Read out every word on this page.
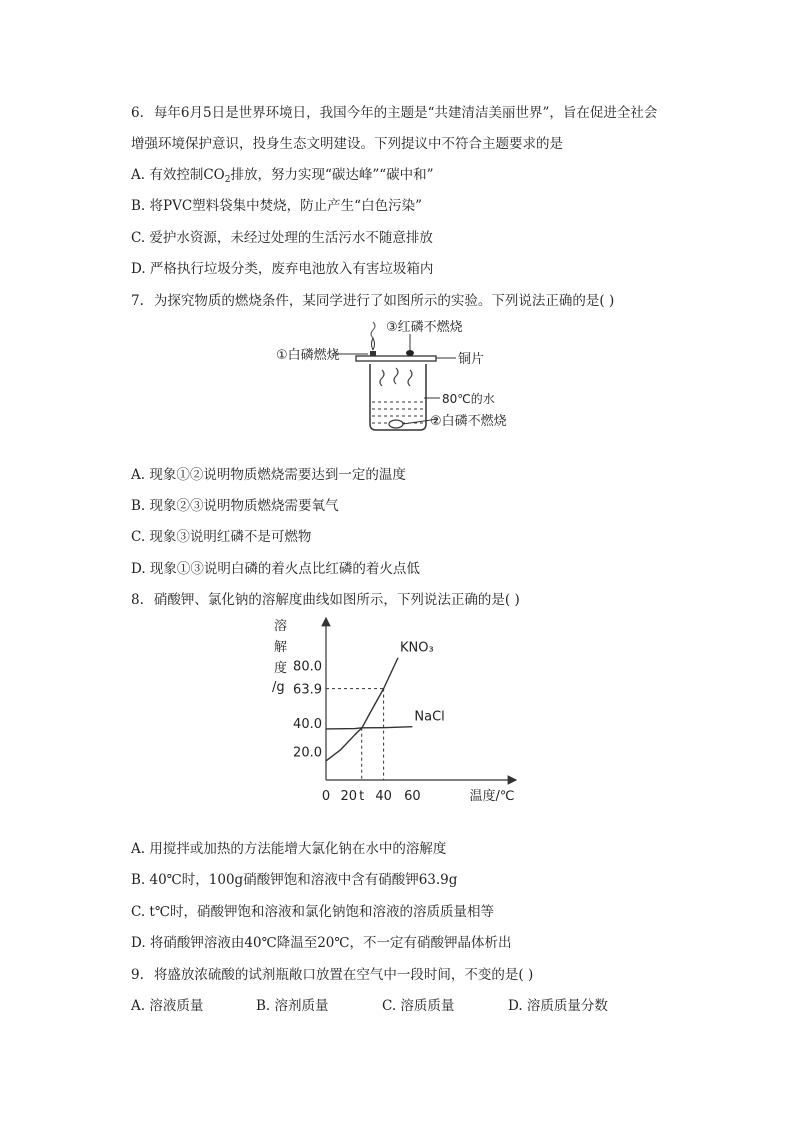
6. 每年6月5日是世界环境日，我国今年的主题是“共建清洁美丽世界”，旨在促进全社会
增强环境保护意识，投身生态文明建设。下列提议中不符合主题要求的是
A. 有效控制$CO_2$排放，努力实现“碳达峰”“碳中和”
B. 将PVC塑料袋集中焚烧，防止产生“白色污染”
C. 爱护水资源，未经过处理的生活污水不随意排放
D. 严格执行垃圾分类，废弃电池放入有害垃圾箱内
7. 为探究物质的燃烧条件，某同学进行了如图所示的实验。下列说法正确的是( )
①白磷燃烧
③红磷不燃烧
铜片
80℃的水
②白磷不燃烧
A. 现象①②说明物质燃烧需要达到一定的温度
B. 现象②③说明物质燃烧需要氧气
C. 现象③说明红磷不是可燃物
D. 现象①③说明白磷的着火点比红磷的着火点低
8. 硝酸钾、氯化钠的溶解度曲线如图所示，下列说法正确的是( )
溶
解
度
/g
0 20 t 40 60	温度/℃
20.0
40.0
63.9
80.0
KNO₃
NaCl
A. 用搅拌或加热的方法能增大氯化钠在水中的溶解度
B. 40℃时，100g硝酸钾饱和溶液中含有硝酸钾63.9g
C. t℃时，硝酸钾饱和溶液和氯化钠饱和溶液的溶质质量相等
D. 将硝酸钾溶液由40℃降温至20℃，不一定有硝酸钾晶体析出
9. 将盛放浓硫酸的试剂瓶敞口放置在空气中一段时间，不变的是( )
A. 溶液质量	B. 溶剂质量	C. 溶质质量	D. 溶质质量分数
